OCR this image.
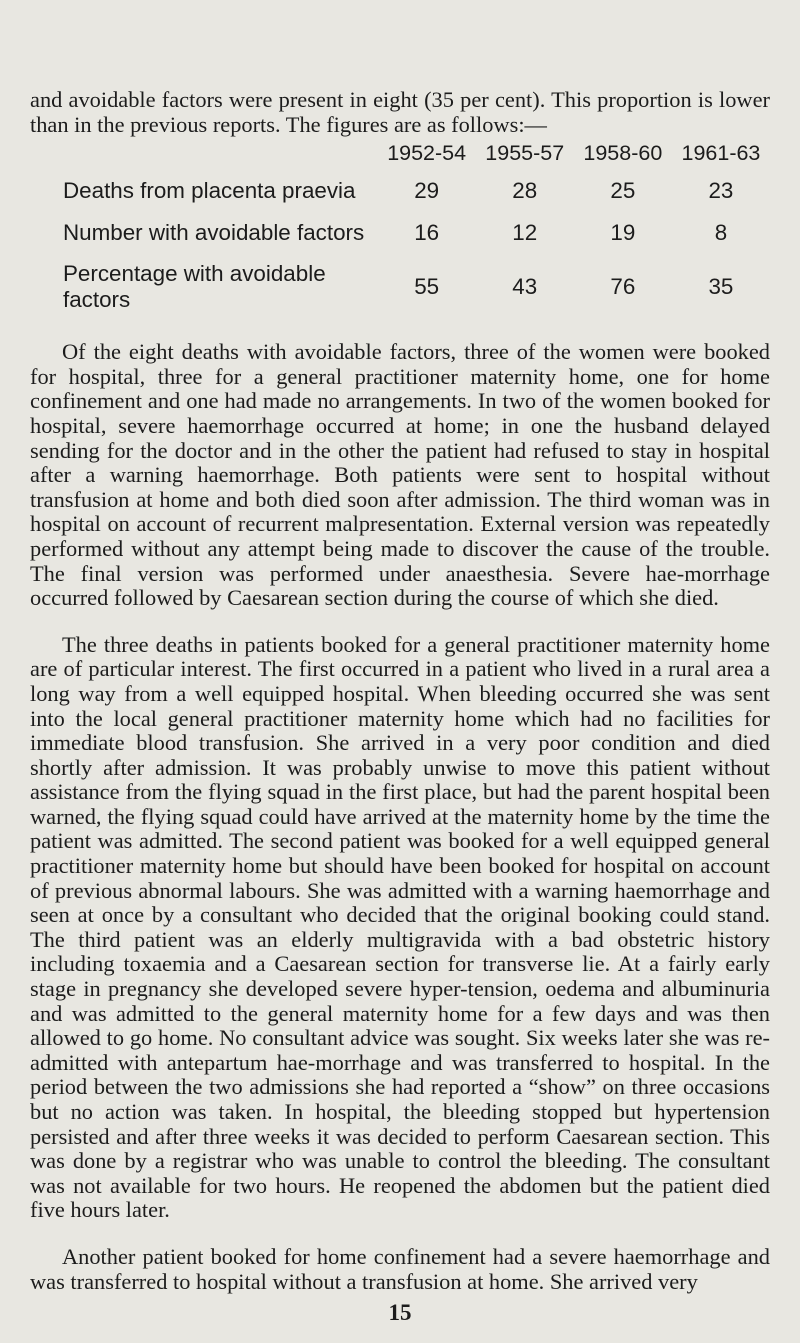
and avoidable factors were present in eight (35 per cent). This proportion is lower than in the previous reports. The figures are as follows:—

	1952-54	1955-57	1958-60	1961-63
Deaths from placenta praevia	29	28	25	23
Number with avoidable factors	16	12	19	8
Percentage with avoidable factors	55	43	76	35

Of the eight deaths with avoidable factors, three of the women were booked for hospital, three for a general practitioner maternity home, one for home confinement and one had made no arrangements. In two of the women booked for hospital, severe haemorrhage occurred at home; in one the husband delayed sending for the doctor and in the other the patient had refused to stay in hospital after a warning haemorrhage. Both patients were sent to hospital without transfusion at home and both died soon after admission. The third woman was in hospital on account of recurrent malpresentation. External version was repeatedly performed without any attempt being made to discover the cause of the trouble. The final version was performed under anaesthesia. Severe hae-morrhage occurred followed by Caesarean section during the course of which she died.

The three deaths in patients booked for a general practitioner maternity home are of particular interest. The first occurred in a patient who lived in a rural area a long way from a well equipped hospital. When bleeding occurred she was sent into the local general practitioner maternity home which had no facilities for immediate blood transfusion. She arrived in a very poor condition and died shortly after admission. It was probably unwise to move this patient without assistance from the flying squad in the first place, but had the parent hospital been warned, the flying squad could have arrived at the maternity home by the time the patient was admitted. The second patient was booked for a well equipped general practitioner maternity home but should have been booked for hospital on account of previous abnormal labours. She was admitted with a warning haemorrhage and seen at once by a consultant who decided that the original booking could stand. The third patient was an elderly multigravida with a bad obstetric history including toxaemia and a Caesarean section for transverse lie. At a fairly early stage in pregnancy she developed severe hyper-tension, oedema and albuminuria and was admitted to the general maternity home for a few days and was then allowed to go home. No consultant advice was sought. Six weeks later she was re-admitted with antepartum hae-morrhage and was transferred to hospital. In the period between the two admissions she had reported a “show” on three occasions but no action was taken. In hospital, the bleeding stopped but hypertension persisted and after three weeks it was decided to perform Caesarean section. This was done by a registrar who was unable to control the bleeding. The consultant was not available for two hours. He reopened the abdomen but the patient died five hours later.

Another patient booked for home confinement had a severe haemorrhage and was transferred to hospital without a transfusion at home. She arrived very

15
